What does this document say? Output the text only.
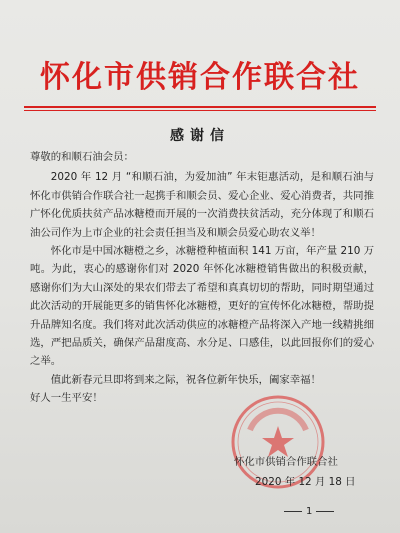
怀化市供销合作联合社
感谢信

尊敬的和顺石油会员：

2020 年 12 月 “和顺石油，为爱加油” 年末钜惠活动，是和顺石油与怀化市供销合作联合社一起携手和顺会员、爱心企业、爱心消费者，共同推广怀化优质扶贫产品冰糖橙而开展的一次消费扶贫活动，充分体现了和顺石油公司作为上市企业的社会责任担当及和顺会员爱心助农义举！

怀化市是中国冰糖橙之乡，冰糖橙种植面积 141 万亩，年产量 210 万吨。为此，衷心的感谢你们对 2020 年怀化冰糖橙销售做出的积极贡献，感谢你们为大山深处的果农们带去了希望和真真切切的帮助，同时期望通过此次活动的开展能更多的销售怀化冰糖橙，更好的宣传怀化冰糖橙，帮助提升品牌知名度。我们将对此次活动供应的冰糖橙产品将深入产地一线精挑细选，严把品质关，确保产品甜度高、水分足、口感佳，以此回报你们的爱心之举。

值此新春元旦即将到来之际，祝各位新年快乐，阖家幸福！

好人一生平安！

怀化市供销合作联合社
2020 年 12 月 18 日
1
